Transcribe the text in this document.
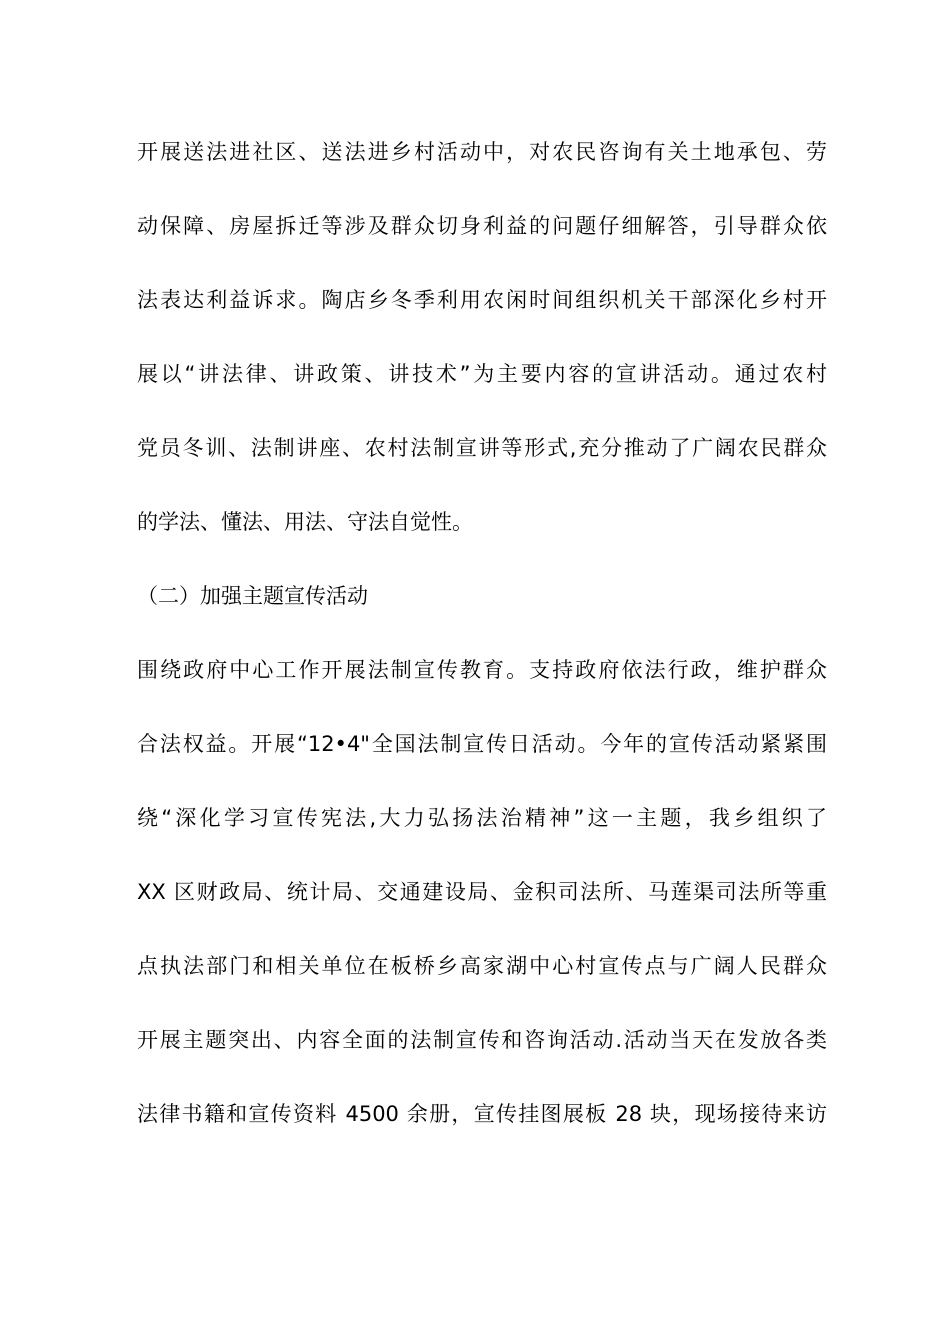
开展送法进社区、送法进乡村活动中，对农民咨询有关土地承包、劳
动保障、房屋拆迁等涉及群众切身利益的问题仔细解答，引导群众依
法表达利益诉求。陶店乡冬季利用农闲时间组织机关干部深化乡村开
展以“讲法律、讲政策、讲技术”为主要内容的宣讲活动。通过农村
党员冬训、法制讲座、农村法制宣讲等形式,充分推动了广阔农民群众
的学法、懂法、用法、守法自觉性。
（二）加强主题宣传活动
围绕政府中心工作开展法制宣传教育。支持政府依法行政，维护群众
合法权益。开展“12•4"全国法制宣传日活动。今年的宣传活动紧紧围
绕“深化学习宣传宪法,大力弘扬法治精神”这一主题，我乡组织了
XX 区财政局、统计局、交通建设局、金积司法所、马莲渠司法所等重
点执法部门和相关单位在板桥乡高家湖中心村宣传点与广阔人民群众
开展主题突出、内容全面的法制宣传和咨询活动.活动当天在发放各类
法律书籍和宣传资料 4500 余册，宣传挂图展板 28 块，现场接待来访
